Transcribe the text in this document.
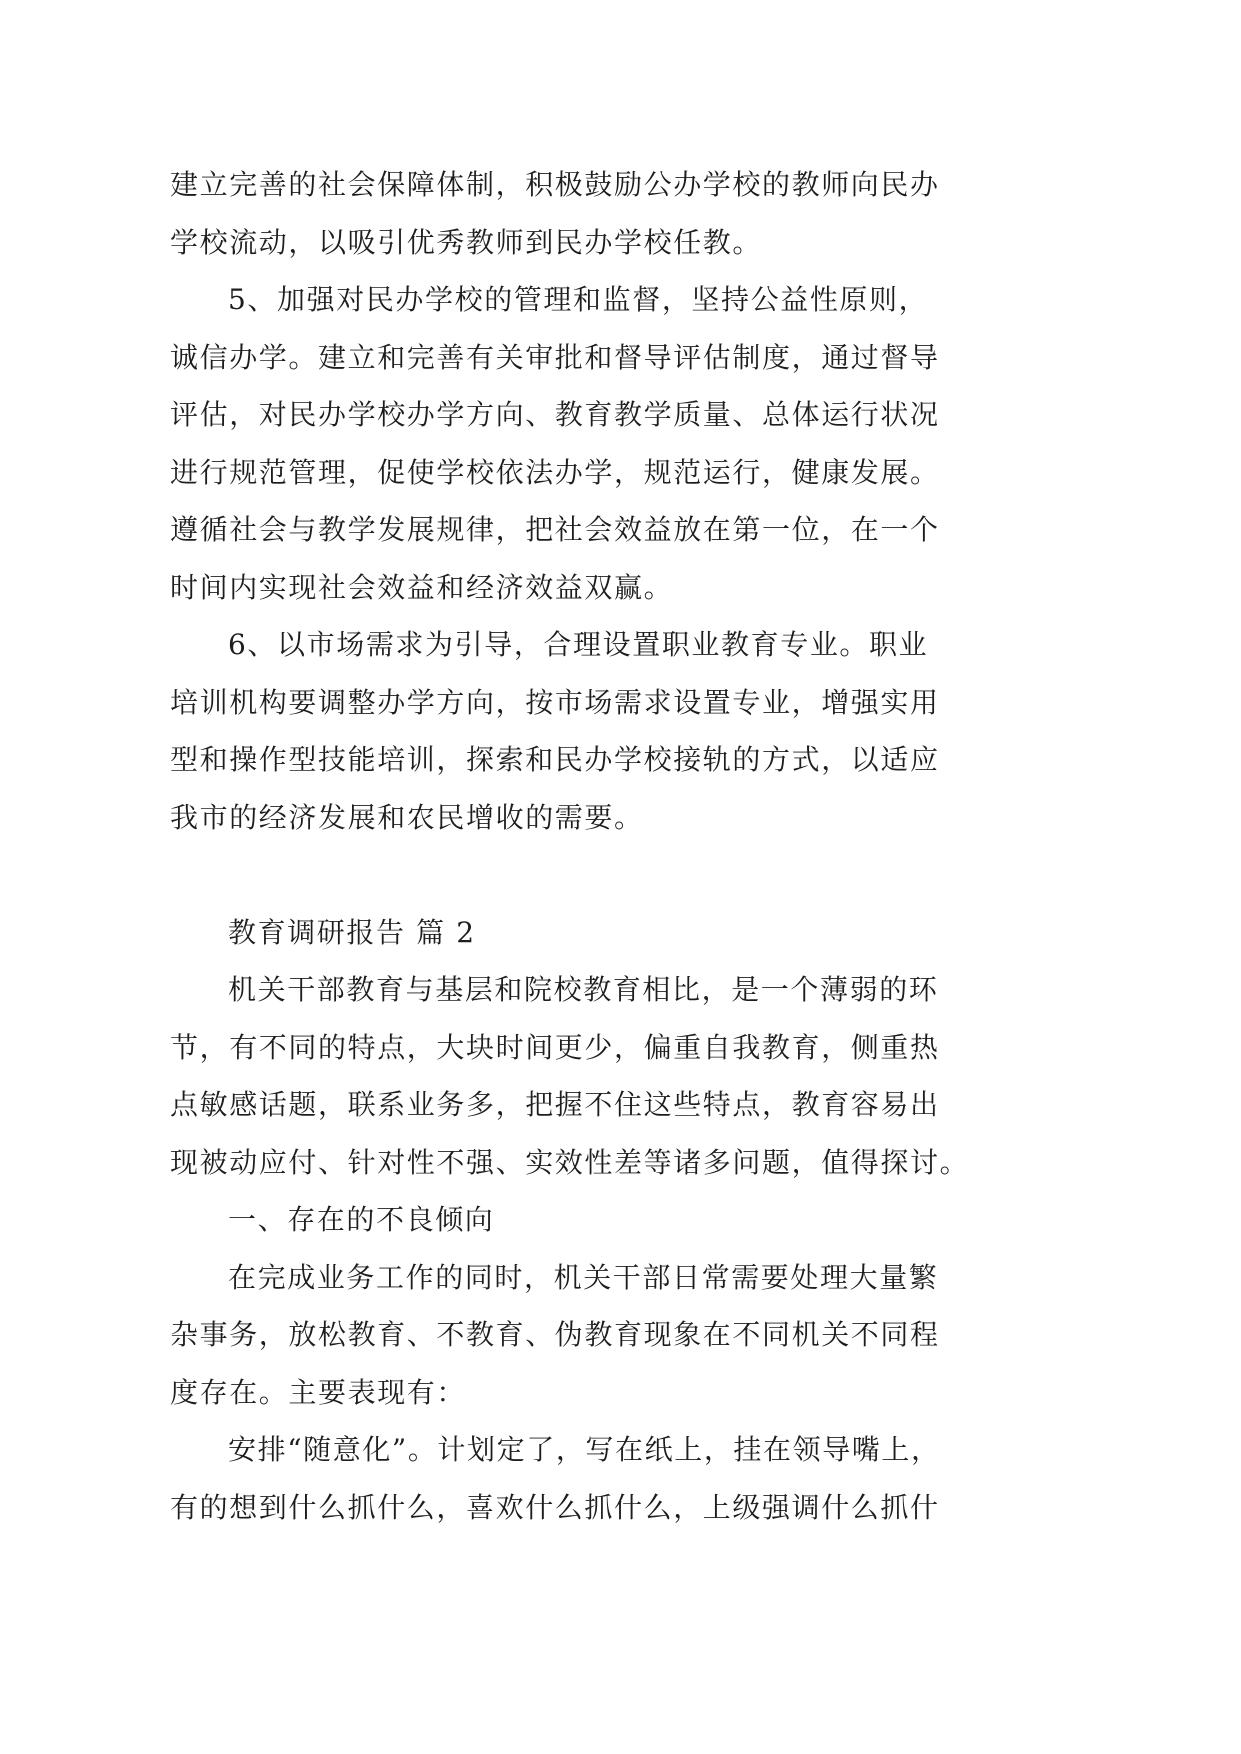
建立完善的社会保障体制，积极鼓励公办学校的教师向民办
学校流动，以吸引优秀教师到民办学校任教。
5、加强对民办学校的管理和监督，坚持公益性原则，
诚信办学。建立和完善有关审批和督导评估制度，通过督导
评估，对民办学校办学方向、教育教学质量、总体运行状况
进行规范管理，促使学校依法办学，规范运行，健康发展。
遵循社会与教学发展规律，把社会效益放在第一位，在一个
时间内实现社会效益和经济效益双赢。
6、以市场需求为引导，合理设置职业教育专业。职业
培训机构要调整办学方向，按市场需求设置专业，增强实用
型和操作型技能培训，探索和民办学校接轨的方式，以适应
我市的经济发展和农民增收的需要。
教育调研报告 篇 2
机关干部教育与基层和院校教育相比，是一个薄弱的环
节，有不同的特点，大块时间更少，偏重自我教育，侧重热
点敏感话题，联系业务多，把握不住这些特点，教育容易出
现被动应付、针对性不强、实效性差等诸多问题，值得探讨。
一、存在的不良倾向
在完成业务工作的同时，机关干部日常需要处理大量繁
杂事务，放松教育、不教育、伪教育现象在不同机关不同程
度存在。主要表现有：
安排“随意化”。计划定了，写在纸上，挂在领导嘴上，
有的想到什么抓什么，喜欢什么抓什么，上级强调什么抓什
